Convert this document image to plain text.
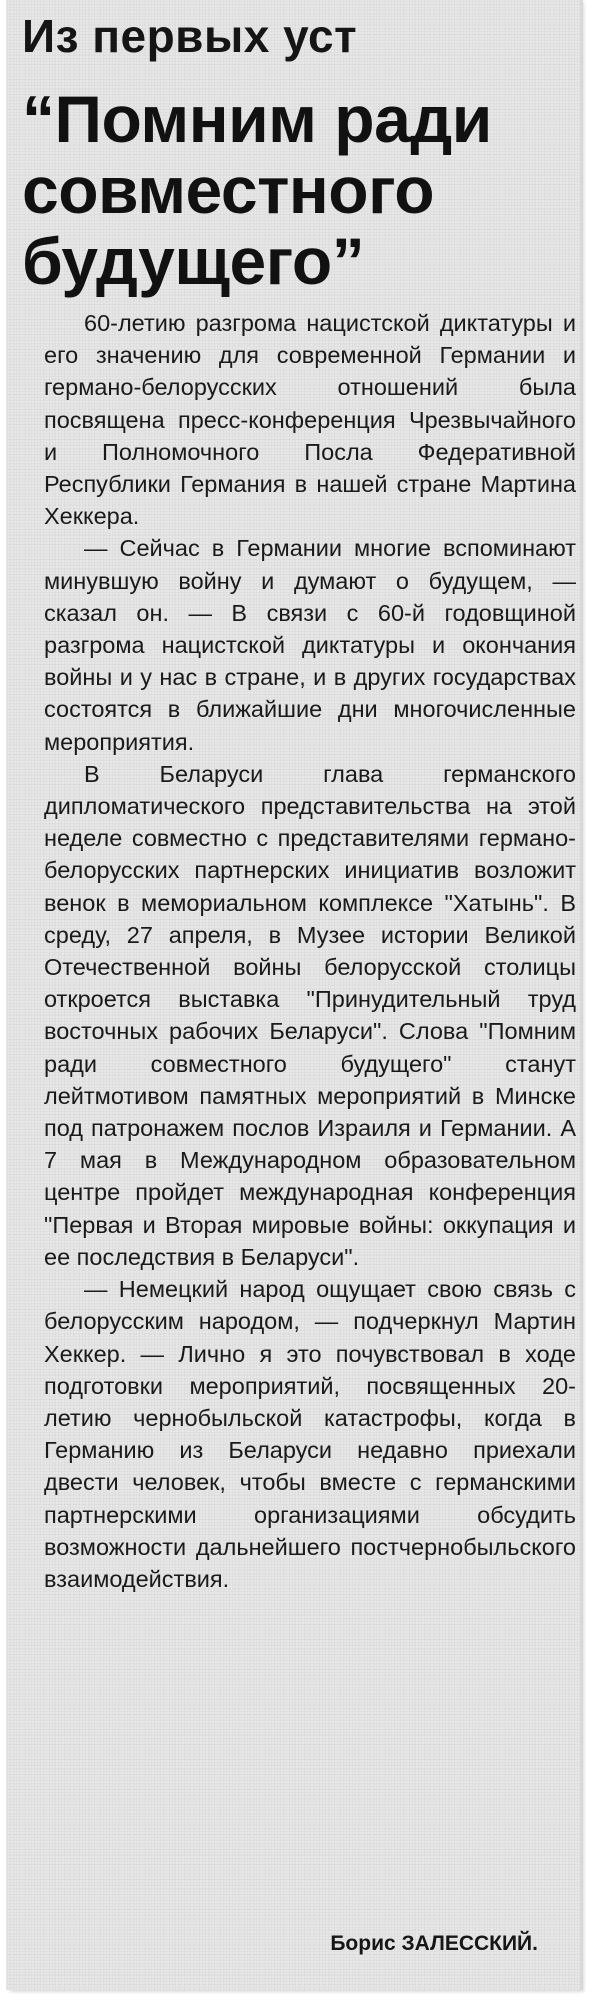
Из первых уст
“Помним ради совместного будущего”

60-летию разгрома нацистской диктатуры и его значению для современной Германии и германо-белорусских отношений была посвящена пресс-конференция Чрезвычайного и Полномочного Посла Федеративной Республики Германия в нашей стране Мартина Хеккера.

— Сейчас в Германии многие вспоминают минувшую войну и думают о будущем, — сказал он. — В связи с 60-й годовщиной разгрома нацистской диктатуры и окончания войны и у нас в стране, и в других государствах состоятся в ближайшие дни многочисленные мероприятия.

В Беларуси глава германского дипломатического представительства на этой неделе совместно с представителями германо-белорусских партнерских инициатив возложит венок в мемориальном комплексе "Хатынь". В среду, 27 апреля, в Музее истории Великой Отечественной войны белорусской столицы откроется выставка "Принудительный труд восточных рабочих Беларуси". Слова "Помним ради совместного будущего" станут лейтмотивом памятных мероприятий в Минске под патронажем послов Израиля и Германии. А 7 мая в Международном образовательном центре пройдет международная конференция "Первая и Вторая мировые войны: оккупация и ее последствия в Беларуси".

— Немецкий народ ощущает свою связь с белорусским народом, — подчеркнул Мартин Хеккер. — Лично я это почувствовал в ходе подготовки мероприятий, посвященных 20-летию чернобыльской катастрофы, когда в Германию из Беларуси недавно приехали двести человек, чтобы вместе с германскими партнерскими организациями обсудить возможности дальнейшего постчернобыльского взаимодействия.

Борис ЗАЛЕССКИЙ.
